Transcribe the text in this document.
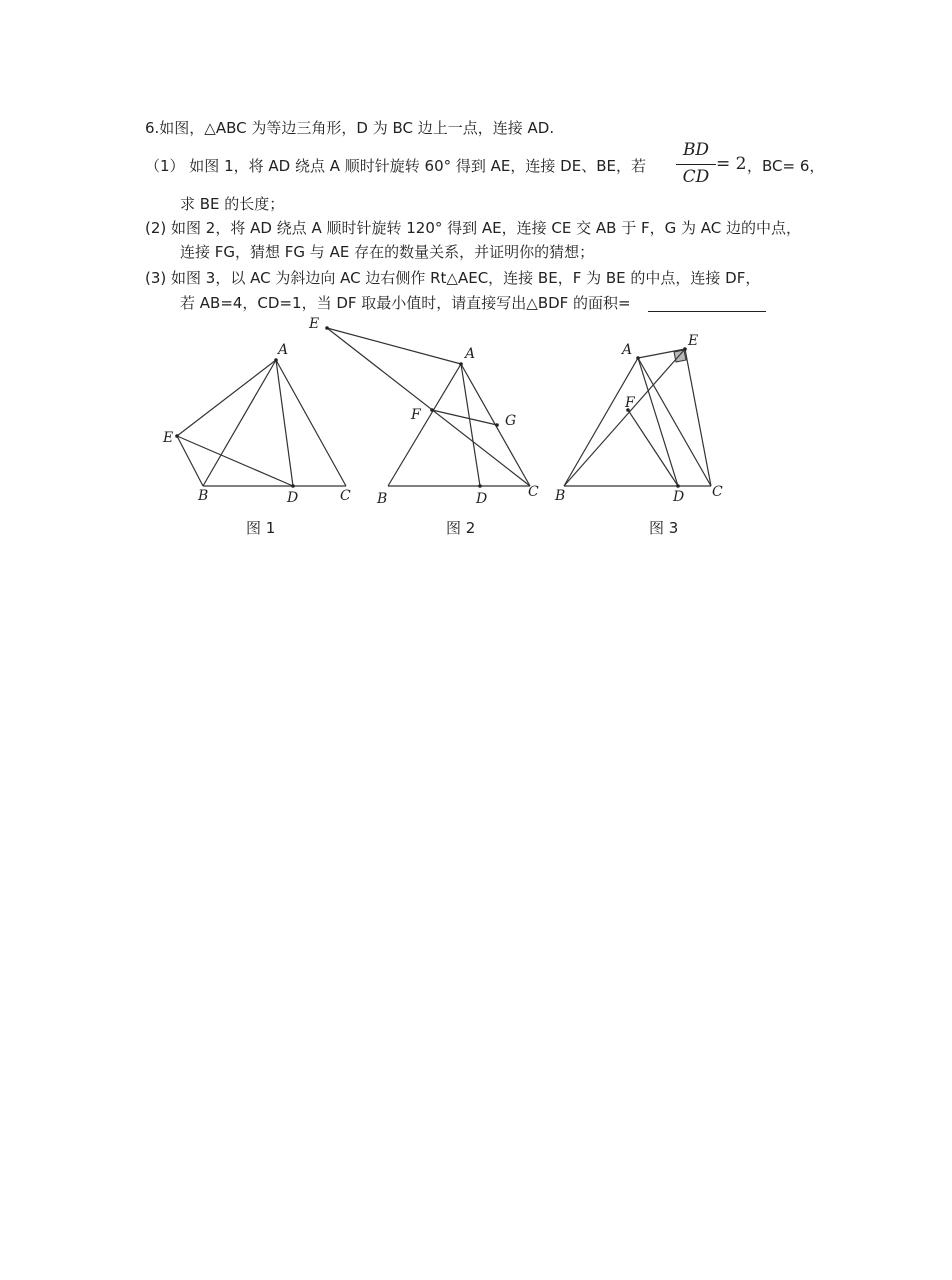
6.如图，△ABC 为等边三角形，D 为 BC 边上一点，连接 AD.
（1） 如图 1，将 AD 绕点 A 顺时针旋转 60° 得到 AE，连接 DE、BE，若
BD
CD
= 2 ，BC= 6，
求 BE 的长度；
(2) 如图 2，将 AD 绕点 A 顺时针旋转 120° 得到 AE，连接 CE 交 AB 于 F，G 为 AC 边的中点，
连接 FG，猜想 FG 与 AE 存在的数量关系，并证明你的猜想；
(3) 如图 3，以 AC 为斜边向 AC 边右侧作 Rt△AEC，连接 BE，F 为 BE 的中点，连接 DF，
若 AB=4，CD=1，当 DF 取最小值时，请直接写出△BDF 的面积=
A
B	C
D
E
E
A
F	G
B	D	C
A
E
F
B	D C
图 1	图 2	图 3
